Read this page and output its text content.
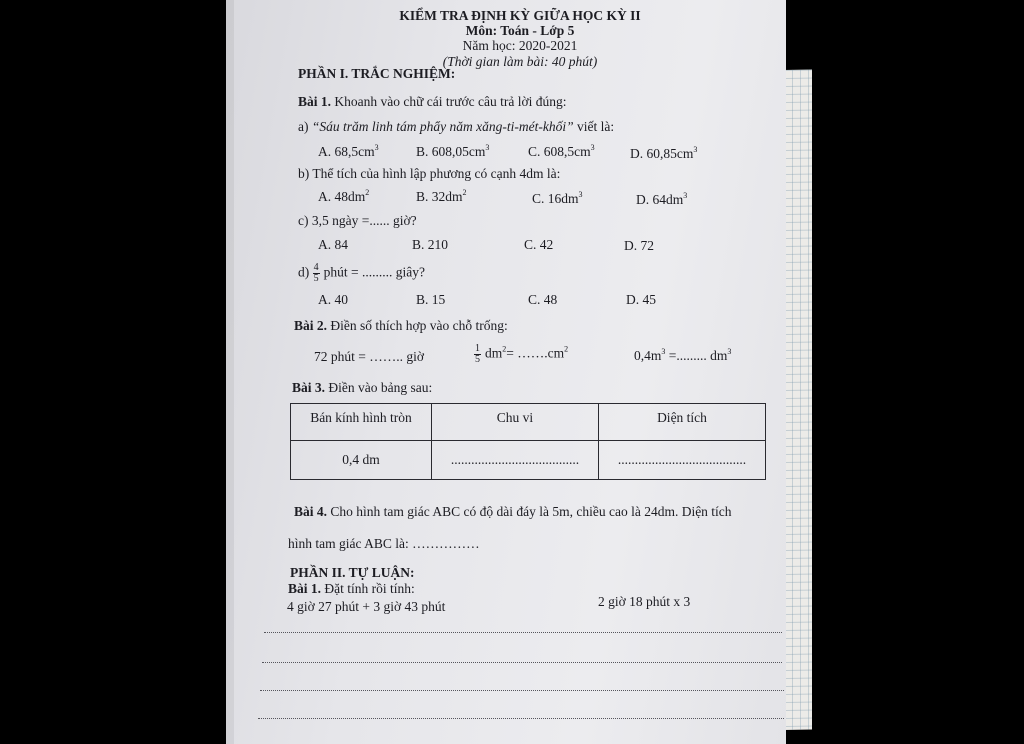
KIỂM TRA ĐỊNH KỲ GIỮA HỌC KỲ II
Môn: Toán - Lớp 5
Năm học: 2020-2021
(Thời gian làm bài: 40 phút)
PHẦN I. TRẮC NGHIỆM:
Bài 1. Khoanh vào chữ cái trước câu trả lời đúng:
a) “Sáu trăm linh tám phẩy năm xăng-ti-mét-khối” viết là:
A. $68,5cm^3$	B. $608,05cm^3$	C. $608,5cm^3$	D. $60,85cm^3$
b) Thể tích của hình lập phương có cạnh 4dm là:
A. $48dm^2$	B. $32dm^2$	C. $16dm^3$	D. $64dm^3$
c) 3,5 ngày =...... giờ?
A. 84	B. 210	C. 42	D. 72
$d) \frac{4}{5}$ phút = ......... giây?
A. 40	B. 15	C. 48	D. 45
Bài 2. Điền số thích hợp vào chỗ trống:
72 phút = …….. giờ	$\frac{1}{5} dm^2=$ $\dots\dots.cm^2$	$0,4m^3$ =......... $dm^3$
Bài 3. Điền vào bảng sau:
Bán kính hình tròn	Chu vi	Diện tích
0,4 dm	......................................	......................................
Bài 4. Cho hình tam giác ABC có độ dài đáy là 5m, chiều cao là 24dm. Diện tích
hình tam giác ABC là: ……………
PHẦN II. TỰ LUẬN:
Bài 1. Đặt tính rồi tính:
4 giờ 27 phút + 3 giờ 43 phút	2 giờ 18 phút x 3
